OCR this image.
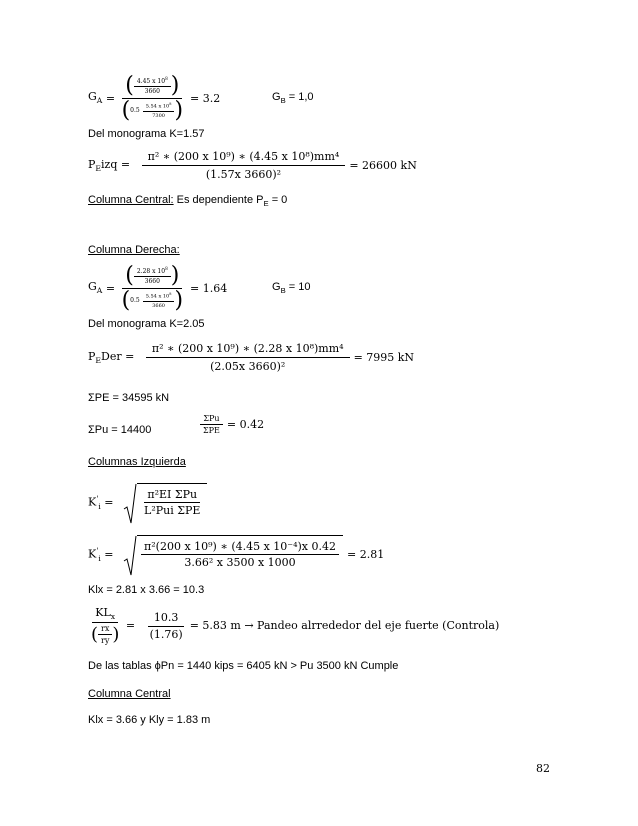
$G_A$ =
( $\frac{4.45 x 10^8}{3660}$ )
( $0.5 \frac{5.54 x 10^8}{7300}$ ) = 3.2	$G_B = 1,0$
Del monograma K=1.57
$P_Eizq = \frac{\text{π² ∗ (200 x 10⁹) ∗ (4.45 x 10⁸)mm⁴}}{\text{(1.57x 3660)²}} = 26600$ kN
Columna Central: Es dependiente $P_E = 0$
Columna Derecha:
$G_A$ =
( $\frac{2.28 x 10^8}{3660}$ )
( $0.5 \frac{5.54 x 10^8}{3660}$ ) = 1.64	$G_B = 10$
Del monograma K=2.05
$P_EDer = \frac{\text{π² ∗ (200 x 10⁹) ∗ (2.28 x 10⁸)mm⁴}}{\text{(2.05x 3660)²}} = 7995$ kN
ΣPE = 34595 kN
ΣPu = 14400	$\frac{\text{ΣPu}}{\text{ΣPE}} = 0.42$
Columnas Izquierda
$K'_i = \frac{\text{π²EI ΣPu}}{\text{L²Pui ΣPE}}$
$K'_i = \frac{\text{π²(200 x 10⁹) ∗ (4.45 x 10⁻⁴)x 0.42}}{\text{3.66² x 3500 x 1000}} = 2.81$
Klx = 2.81 x 3.66 = 10.3
$\frac{KL_x}{( \frac{rx}{ry} )} = \frac{10.3}{(1.76)} = 5.83$ m → Pandeo alrrededor del eje fuerte (Controla)
De las tablas ϕPn = 1440 kips = 6405 kN > Pu 3500 kN Cumple
Columna Central
Klx = 3.66 y Kly = 1.83 m
82
